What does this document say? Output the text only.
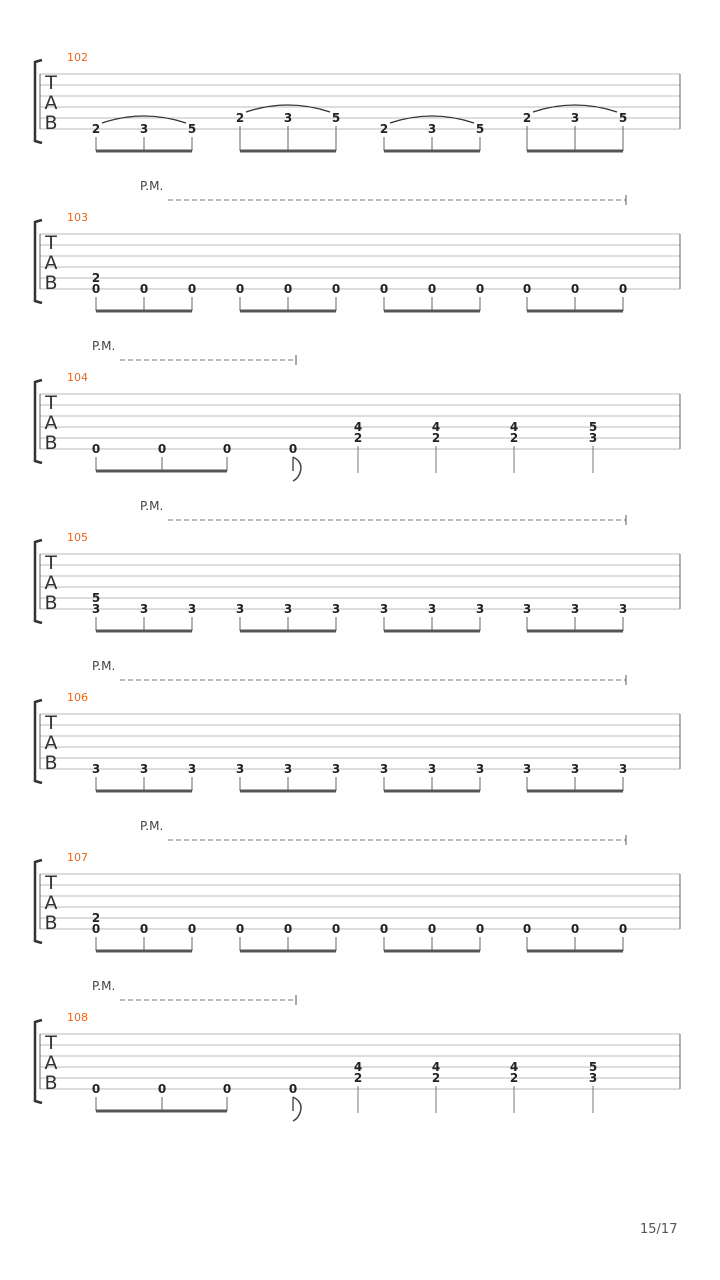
T
A
B
102
2	3	5
2	3	5
2	3	5
2	3	5
T
A
B
103
P.M.
2
0	0	0	0	0	0	0	0	0	0	0	0
T
A
B
104
P.M.
0	0	0	0
4
2
4
2
4
2
5
3
T
A
B
105
P.M.
5
3	3	3	3	3	3	3	3	3	3	3	3
T
A
B
106
P.M.
3	3	3	3	3	3	3	3	3	3	3	3
T
A
B
107
P.M.
2
0	0	0	0	0	0	0	0	0	0	0	0
T
A
B
108
P.M.
0	0	0	0
4
2
4
2
4
2
5
3
15/17
